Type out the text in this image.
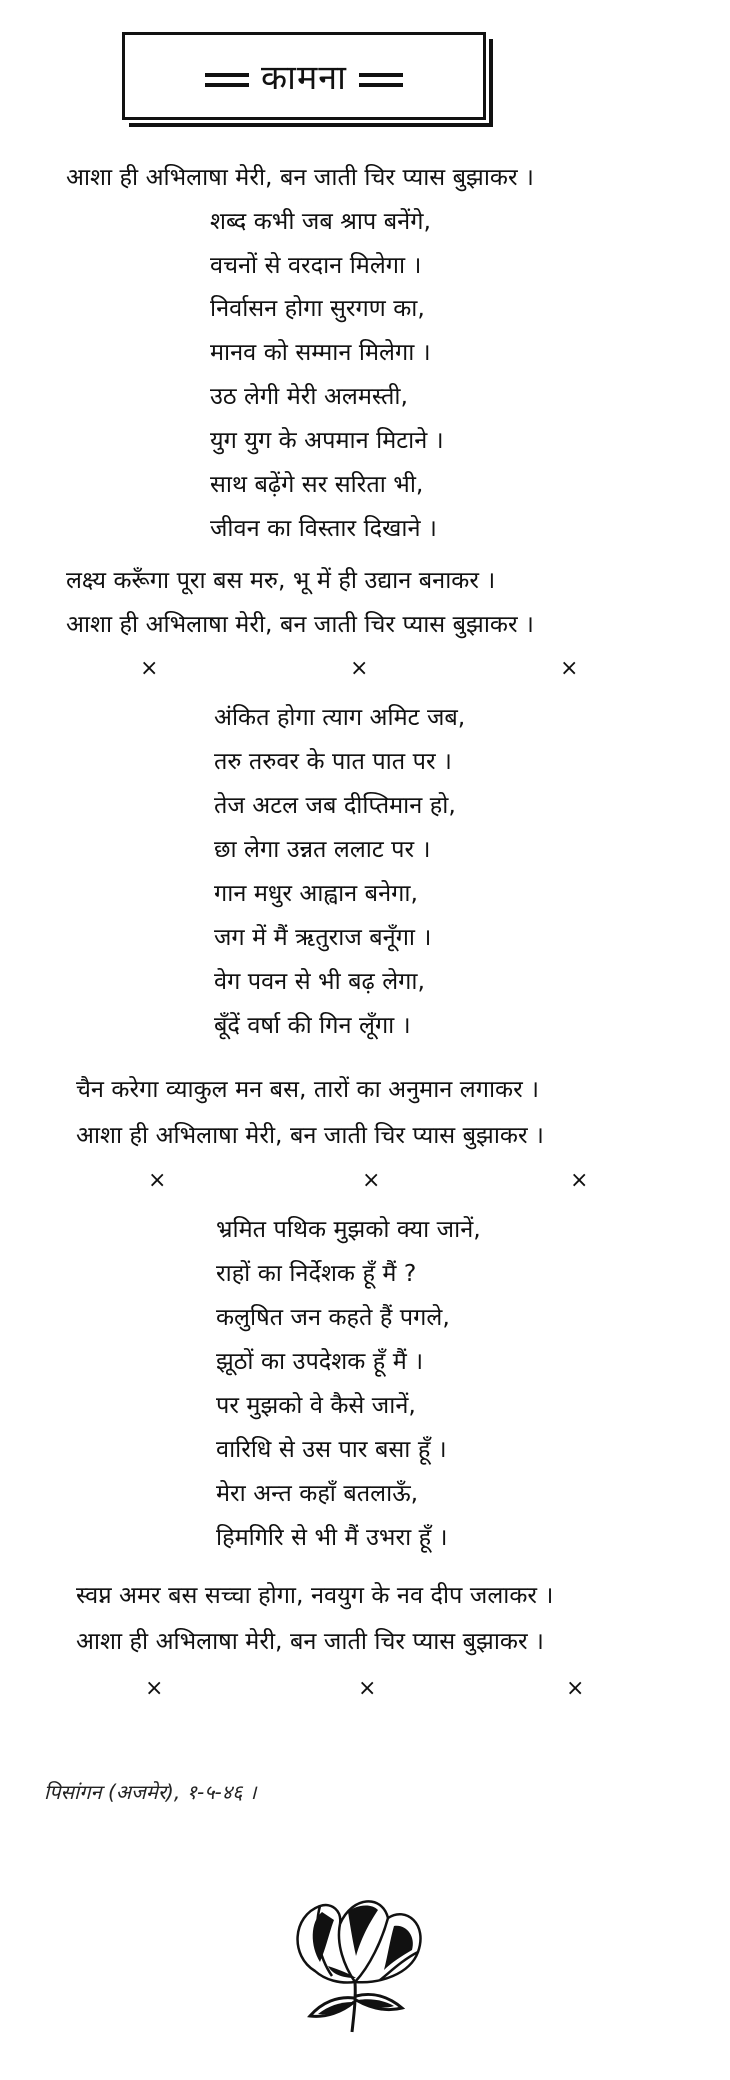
कामना
आशा ही अभिलाषा मेरी, बन जाती चिर प्यास बुझाकर ।
शब्द कभी जब श्राप बनेंगे,
वचनों से वरदान मिलेगा ।
निर्वासन होगा सुरगण का,
मानव को सम्मान मिलेगा ।
उठ लेगी मेरी अलमस्ती,
युग युग के अपमान मिटाने ।
साथ बढ़ेंगे सर सरिता भी,
जीवन का विस्तार दिखाने ।
लक्ष्य करूँगा पूरा बस मरु, भू में ही उद्यान बनाकर ।
आशा ही अभिलाषा मेरी, बन जाती चिर प्यास बुझाकर ।
×	×	×
अंकित होगा त्याग अमिट जब,
तरु तरुवर के पात पात पर ।
तेज अटल जब दीप्तिमान हो,
छा लेगा उन्नत ललाट पर ।
गान मधुर आह्वान बनेगा,
जग में मैं ऋतुराज बनूँगा ।
वेग पवन से भी बढ़ लेगा,
बूँदें वर्षा की गिन लूँगा ।
चैन करेगा व्याकुल मन बस, तारों का अनुमान लगाकर ।
आशा ही अभिलाषा मेरी, बन जाती चिर प्यास बुझाकर ।
×	×	×
भ्रमित पथिक मुझको क्या जानें,
राहों का निर्देशक हूँ मैं ?
कलुषित जन कहते हैं पगले,
झूठों का उपदेशक हूँ मैं ।
पर मुझको वे कैसे जानें,
वारिधि से उस पार बसा हूँ ।
मेरा अन्त कहाँ बतलाऊँ,
हिमगिरि से भी मैं उभरा हूँ ।
स्वप्न अमर बस सच्चा होगा, नवयुग के नव दीप जलाकर ।
आशा ही अभिलाषा मेरी, बन जाती चिर प्यास बुझाकर ।
×	×	×
पिसांगन (अजमेर), १-५-४६ ।
